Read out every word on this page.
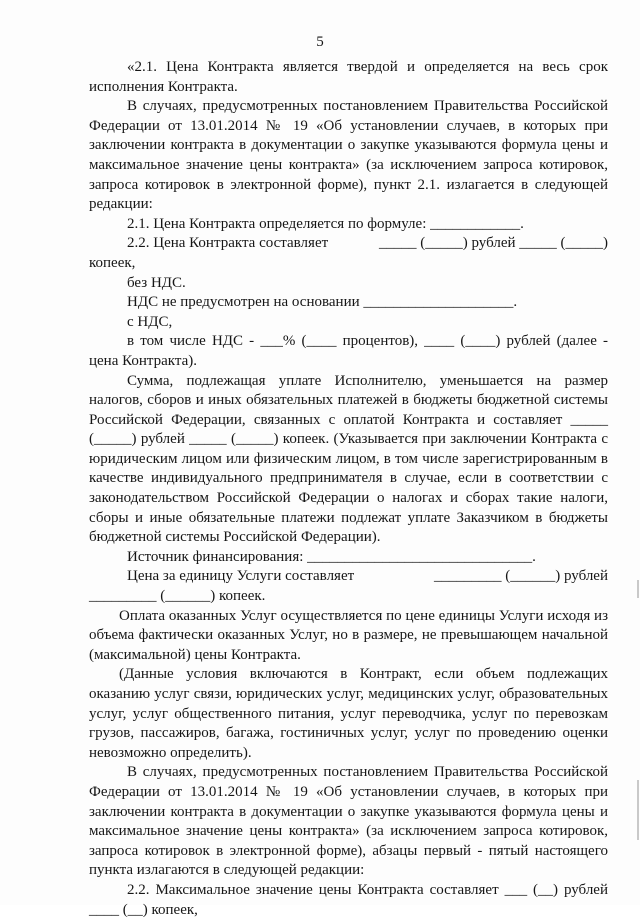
5

«2.1. Цена Контракта является твердой и определяется на весь срок исполнения Контракта.

В случаях, предусмотренных постановлением Правительства Российской Федерации от 13.01.2014 № 19 «Об установлении случаев, в которых при заключении контракта в документации о закупке указываются формула цены и максимальное значение цены контракта» (за исключением запроса котировок, запроса котировок в электронной форме), пункт 2.1. излагается в следующей редакции:

2.1. Цена Контракта определяется по формуле: ____________.

2.2. Цена Контракта составляет	_____ (_____) рублей _____ (_____)

копеек,

без НДС.

НДС не предусмотрен на основании ____________________.

с НДС,

в том числе НДС - ___% (____ процентов), ____ (____) рублей (далее -

цена Контракта).

Сумма, подлежащая уплате Исполнителю, уменьшается на размер налогов, сборов и иных обязательных платежей в бюджеты бюджетной системы Российской Федерации, связанных с оплатой Контракта и составляет _____ (_____) рублей _____ (_____) копеек. (Указывается при заключении Контракта с юридическим лицом или физическим лицом, в том числе зарегистрированным в качестве индивидуального предпринимателя в случае, если в соответствии с законодательством Российской Федерации о налогах и сборах такие налоги, сборы и иные обязательные платежи подлежат уплате Заказчиком в бюджеты бюджетной системы Российской Федерации).

Источник финансирования: ______________________________.

Цена за единицу Услуги составляет	_________ (______) рублей

_________ (______) копеек.

Оплата оказанных Услуг осуществляется по цене единицы Услуги исходя из объема фактически оказанных Услуг, но в размере, не превышающем начальной (максимальной) цены Контракта.

(Данные условия включаются в Контракт, если объем подлежащих оказанию услуг связи, юридических услуг, медицинских услуг, образовательных услуг, услуг общественного питания, услуг переводчика, услуг по перевозкам грузов, пассажиров, багажа, гостиничных услуг, услуг по проведению оценки невозможно определить).

В случаях, предусмотренных постановлением Правительства Российской Федерации от 13.01.2014 № 19 «Об установлении случаев, в которых при заключении контракта в документации о закупке указываются формула цены и максимальное значение цены контракта» (за исключением запроса котировок, запроса котировок в электронной форме), абзацы первый - пятый настоящего пункта излагаются в следующей редакции:

2.2. Максимальное значение цены Контракта составляет ___ (__) рублей

____ (__) копеек,
